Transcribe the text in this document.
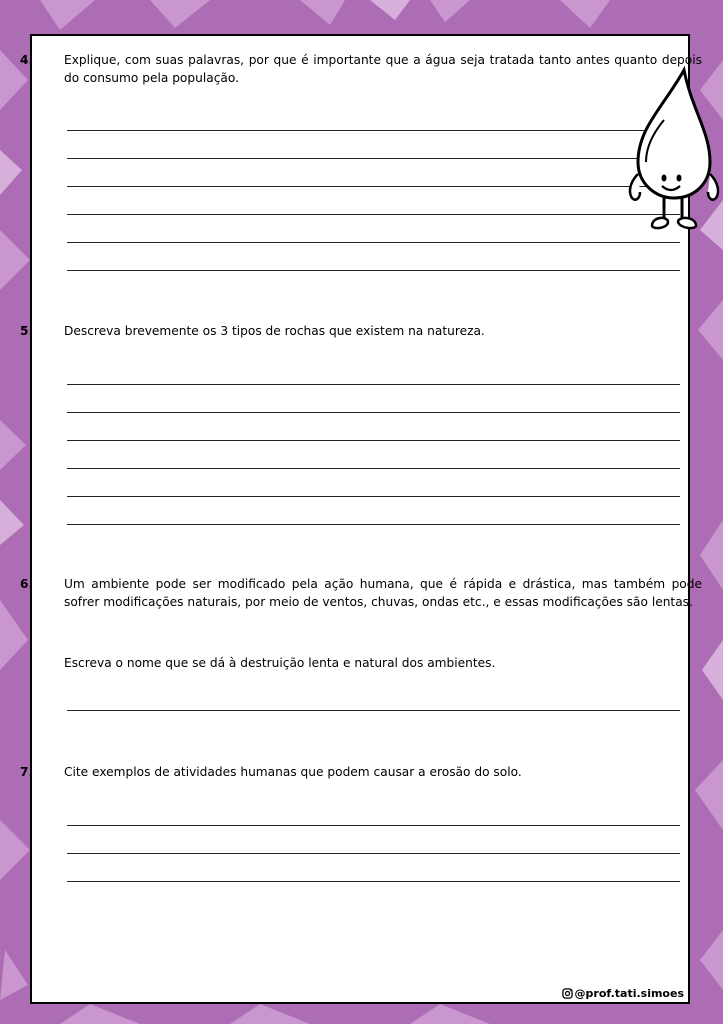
4.	Explique, com suas palavras, por que é importante que a água seja tratada tanto antes quanto depois do consumo pela população.
5.	Descreva brevemente os 3 tipos de rochas que existem na natureza.
6.	Um ambiente pode ser modificado pela ação humana, que é rápida e drástica, mas também pode sofrer modificações naturais, por meio de ventos, chuvas, ondas etc., e essas modificações são lentas.
Escreva o nome que se dá à destruição lenta e natural dos ambientes.
7.	Cite exemplos de atividades humanas que podem causar a erosão do solo.
@prof.tati.simoes
